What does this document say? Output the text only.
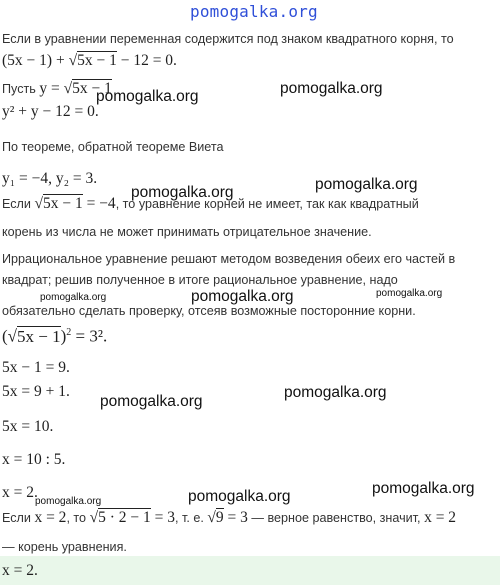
pomogalka.org
Если в уравнении переменная содержится под знаком квадратного корня, то
(5x − 1) + √5x − 1 − 12 = 0.
Пусть y = √5x − 1
y² + y − 12 = 0.
По теореме, обратной теореме Виета
y₁ = −4, y₂ = 3.
Если √5x − 1 = −4, то уравнение корней не имеет, так как квадратный
корень из числа не может принимать отрицательное значение.
Иррациональное уравнение решают методом возведения обеих его частей в
квадрат; решив полученное в итоге рациональное уравнение, надо
обязательно сделать проверку, отсеяв возможные посторонние корни.
$(√5x - 1)^2 = 3^2$.
5x − 1 = 9.
5x = 9 + 1.
5x = 10.
x = 10 : 5.
x = 2.
Если x = 2, то √5 · 2 − 1 = 3, т. е. √9 = 3 — верное равенство, значит, x = 2
— корень уравнения.
x = 2.
pomogalka.org	pomogalka.org
pomogalka.org	pomogalka.org
pomogalka.org	pomogalka.org	pomogalka.org
pomogalka.org
pomogalka.org
pomogalka.org	pomogalka.org	pomogalka.org
